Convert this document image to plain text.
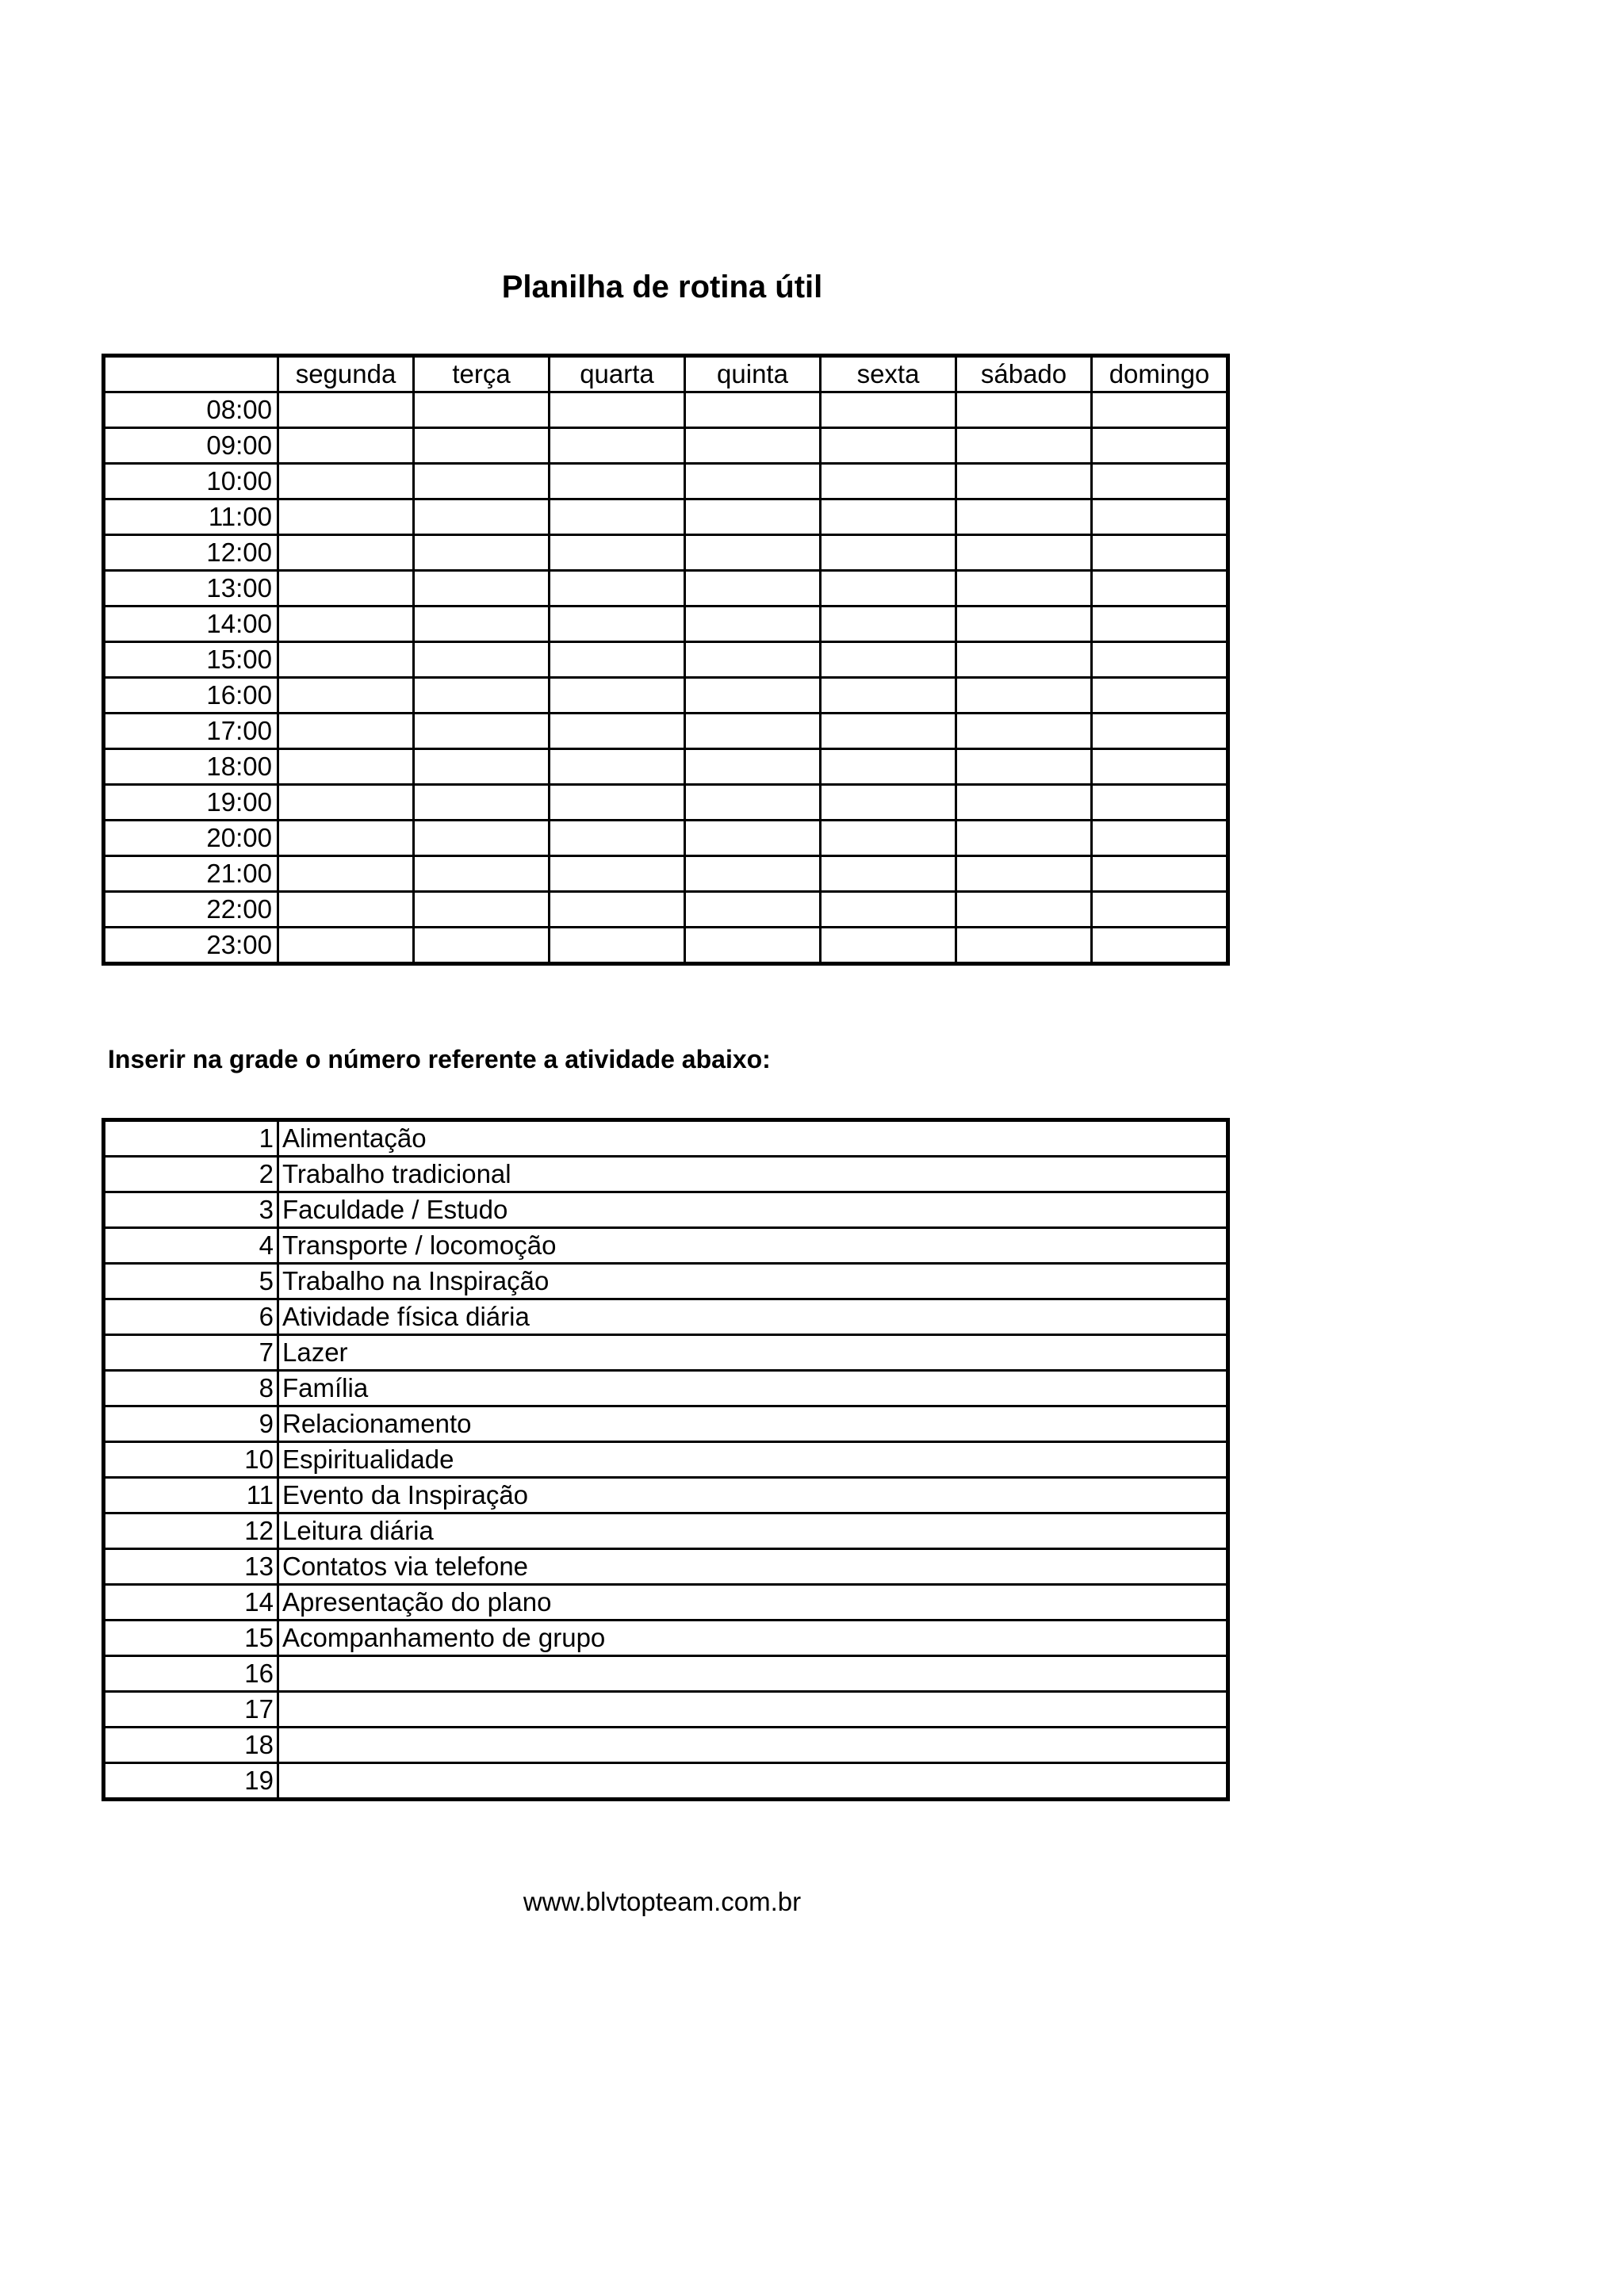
Planilha de rotina útil
	segunda	terça	quarta	quinta	sexta	sábado	domingo
08:00							
09:00							
10:00							
11:00							
12:00							
13:00							
14:00							
15:00							
16:00							
17:00							
18:00							
19:00							
20:00							
21:00							
22:00							
23:00							
Inserir na grade o número referente a atividade abaixo:
1	Alimentação
2	Trabalho tradicional
3	Faculdade / Estudo
4	Transporte / locomoção
5	Trabalho na Inspiração
6	Atividade física diária
7	Lazer
8	Família
9	Relacionamento
10	Espiritualidade
11	Evento da Inspiração
12	Leitura diária
13	Contatos via telefone
14	Apresentação do plano
15	Acompanhamento de grupo
16	
17	
18	
19	
www.blvtopteam.com.br
